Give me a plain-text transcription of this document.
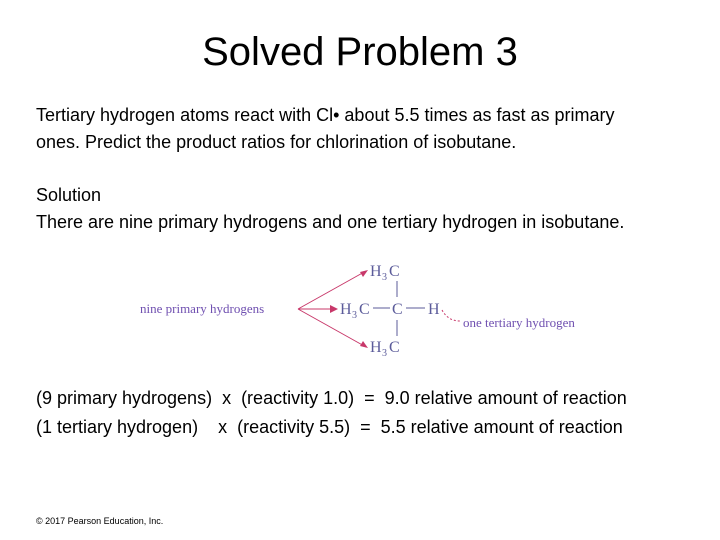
Solved Problem 3
Tertiary hydrogen atoms react with Cl• about 5.5 times as fast as primary
ones. Predict the product ratios for chlorination of isobutane.
Solution
There are nine primary hydrogens and one tertiary hydrogen in isobutane.
nine primary hydrogens
H 3 C
H 3 C C H
H 3 C
one tertiary hydrogen
(9 primary hydrogens)  x  (reactivity 1.0)  =  9.0 relative amount of reaction
(1 tertiary hydrogen)    x  (reactivity 5.5)  =  5.5 relative amount of reaction
© 2017 Pearson Education, Inc.
